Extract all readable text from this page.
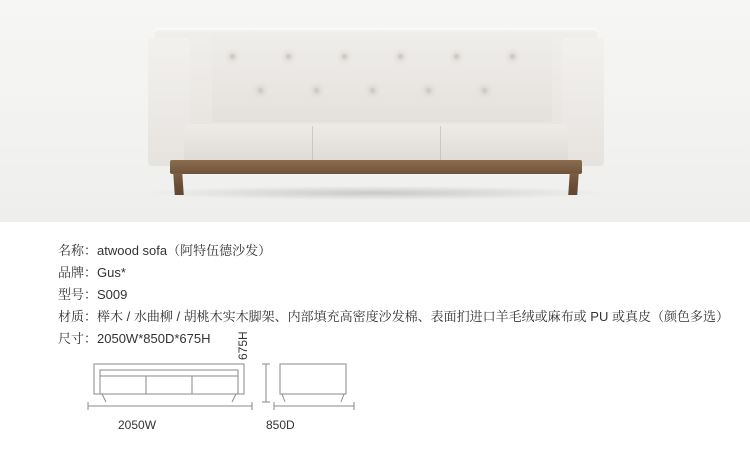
名称：atwood sofa（阿特伍德沙发）
品牌：Gus*
型号：S009
材质：榉木 / 水曲柳 / 胡桃木实木脚架、内部填充高密度沙发棉、表面扪进口羊毛绒或麻布或 PU 或真皮（颜色多选）
尺寸：2050W*850D*675H
2050W	850D
675H
